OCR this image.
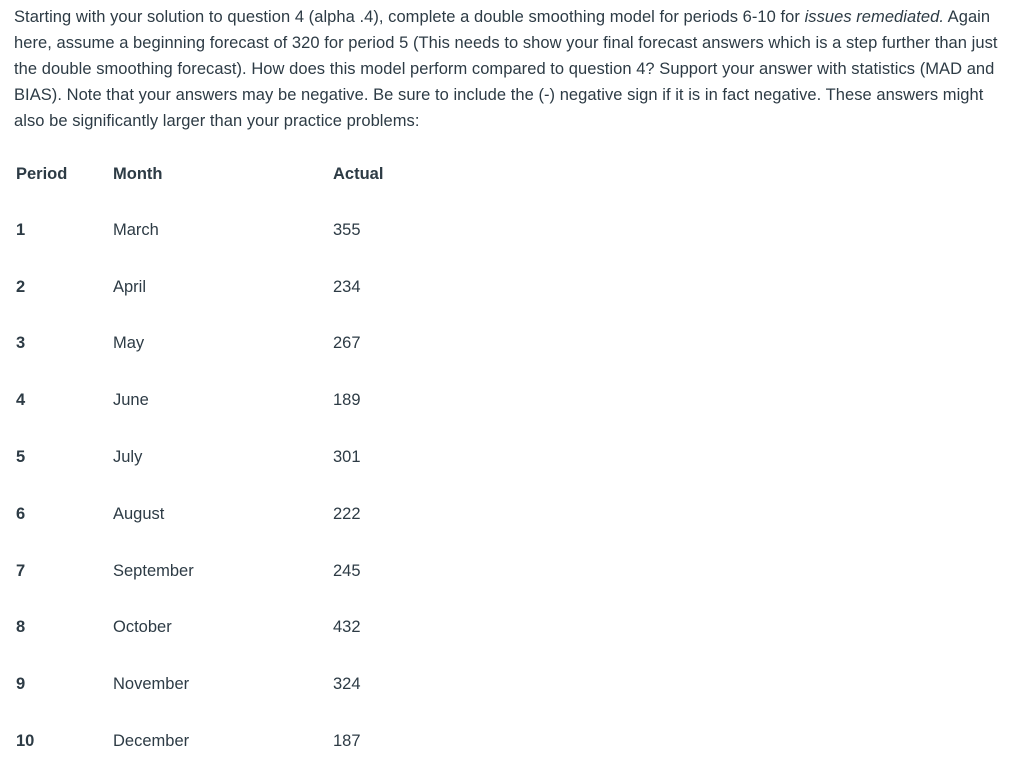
Starting with your solution to question 4 (alpha .4), complete a double smoothing model for periods 6-10 for issues remediated. Again here, assume a beginning forecast of 320 for period 5 (This needs to show your final forecast answers which is a step further than just the double smoothing forecast). How does this model perform compared to question 4? Support your answer with statistics (MAD and BIAS). Note that your answers may be negative. Be sure to include the (-) negative sign if it is in fact negative. These answers might also be significantly larger than your practice problems:

Period	Month	Actual
1	March	355
2	April	234
3	May	267
4	June	189
5	July	301
6	August	222
7	September	245
8	October	432
9	November	324
10	December	187
